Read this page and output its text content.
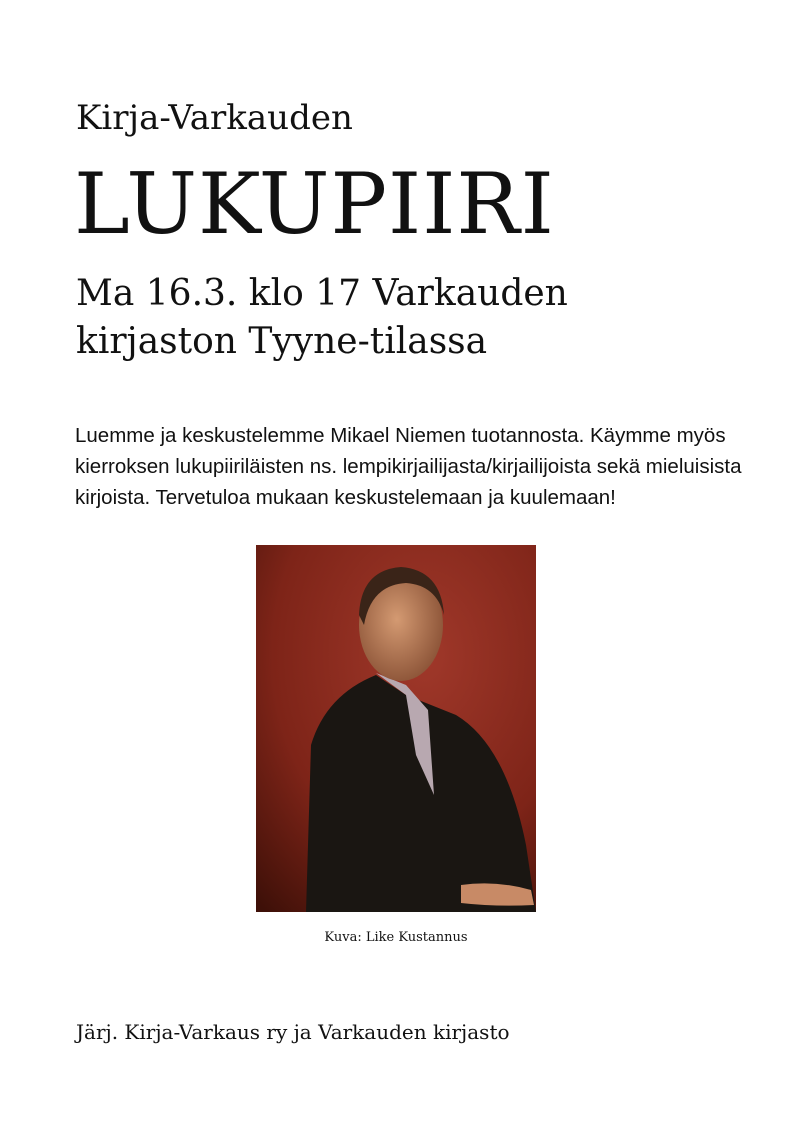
Kirja-Varkauden
LUKUPIIRI
Ma 16.3. klo 17 Varkauden
kirjaston Tyyne-tilassa
Luemme ja keskustelemme Mikael Niemen tuotannosta. Käymme myös kierroksen lukupiiriläisten ns. lempikirjailijasta/kirjailijoista sekä mieluisista kirjoista. Tervetuloa mukaan keskustelemaan ja kuulemaan!
Kuva: Like Kustannus
Järj. Kirja-Varkaus ry ja Varkauden kirjasto
